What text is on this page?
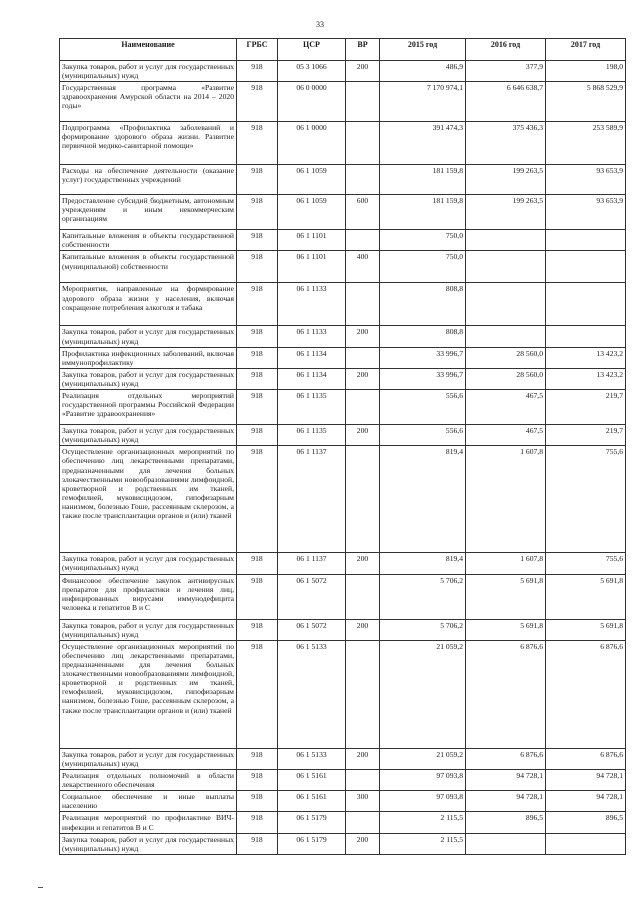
33
Наименование	ГРБС	ЦСР	ВР	2015 год	2016 год	2017 год
Закупка товаров, работ и услуг для государственных (муниципальных) нужд	918	05 3 1066	200	486,9	377,9	198,0
Государственная программа «Развитие здравоохранения Амурской области на 2014 – 2020 годы»	918	06 0 0000		7 170 974,1	6 646 638,7	5 868 529,9
Подпрограмма «Профилактика заболеваний и формирование здорового образа жизни. Развитие первичной медико-санитарной помощи»	918	06 1 0000		391 474,3	375 436,3	253 589,9
Расходы на обеспечение деятельности (оказание услуг) государственных учреждений	918	06 1 1059		181 159,8	199 263,5	93 653,9
Предоставление субсидий бюджетным, автономным учреждениям и иным некоммерческим организациям	918	06 1 1059	600	181 159,8	199 263,5	93 653,9
Капитальные вложения в объекты государственной собственности	918	06 1 1101		750,0		
Капитальные вложения в объекты государственной (муниципальной) собственности	918	06 1 1101	400	750,0		
Мероприятия, направленные на формирование здорового образа жизни у населения, включая сокращение потребления алкоголя и табака	918	06 1 1133		808,8		
Закупка товаров, работ и услуг для государственных (муниципальных) нужд	918	06 1 1133	200	808,8		
Профилактика инфекционных заболеваний, включая иммунопрофилактику	918	06 1 1134		33 996,7	28 560,0	13 423,2
Закупка товаров, работ и услуг для государственных (муниципальных) нужд	918	06 1 1134	200	33 996,7	28 560,0	13 423,2
Реализация отдельных мероприятий государственной программы Российской Федерации «Развитие здравоохранения»	918	06 1 1135		556,6	467,5	219,7
Закупка товаров, работ и услуг для государственных (муниципальных) нужд	918	06 1 1135	200	556,6	467,5	219,7
Осуществление организационных мероприятий по обеспечению лиц лекарственными препаратами, предназначенными для лечения больных злокачественными новообразованиями лимфоидной, кроветворной и родственных им тканей, гемофилией, муковисцидозом, гипофизарным нанизмом, болезнью Гоше, рассеянным склерозом, а также после трансплантации органов и (или) тканей	918	06 1 1137		819,4	1 607,8	755,6
Закупка товаров, работ и услуг для государственных (муниципальных) нужд	918	06 1 1137	200	819,4	1 607,8	755,6
Финансовое обеспечение закупок антивирусных препаратов для профилактики и лечения лиц, инфицированных вирусами иммунодефицита человека и гепатитов В и С	918	06 1 5072		5 706,2	5 691,8	5 691,8
Закупка товаров, работ и услуг для государственных (муниципальных) нужд	918	06 1 5072	200	5 706,2	5 691,8	5 691,8
Осуществление организационных мероприятий по обеспечению лиц лекарственными препаратами, предназначенными для лечения больных злокачественными новообразованиями лимфоидной, кроветворной и родственных им тканей, гемофилией, муковисцидозом, гипофизарным нанизмом, болезнью Гоше, рассеянным склерозом, а также после трансплантации органов и (или) тканей	918	06 1 5133		21 059,2	6 876,6	6 876,6
Закупка товаров, работ и услуг для государственных (муниципальных) нужд	918	06 1 5133	200	21 059,2	6 876,6	6 876,6
Реализация отдельных полномочий в области лекарственного обеспечения	918	06 1 5161		97 093,8	94 728,1	94 728,1
Социальное обеспечение и иные выплаты населению	918	06 1 5161	300	97 093,8	94 728,1	94 728,1
Реализация мероприятий по профилактике ВИЧ-инфекции и гепатитов В и С	918	06 1 5179		2 115,5	896,5	896,5
Закупка товаров, работ и услуг для государственных (муниципальных) нужд	918	06 1 5179	200	2 115,5		
